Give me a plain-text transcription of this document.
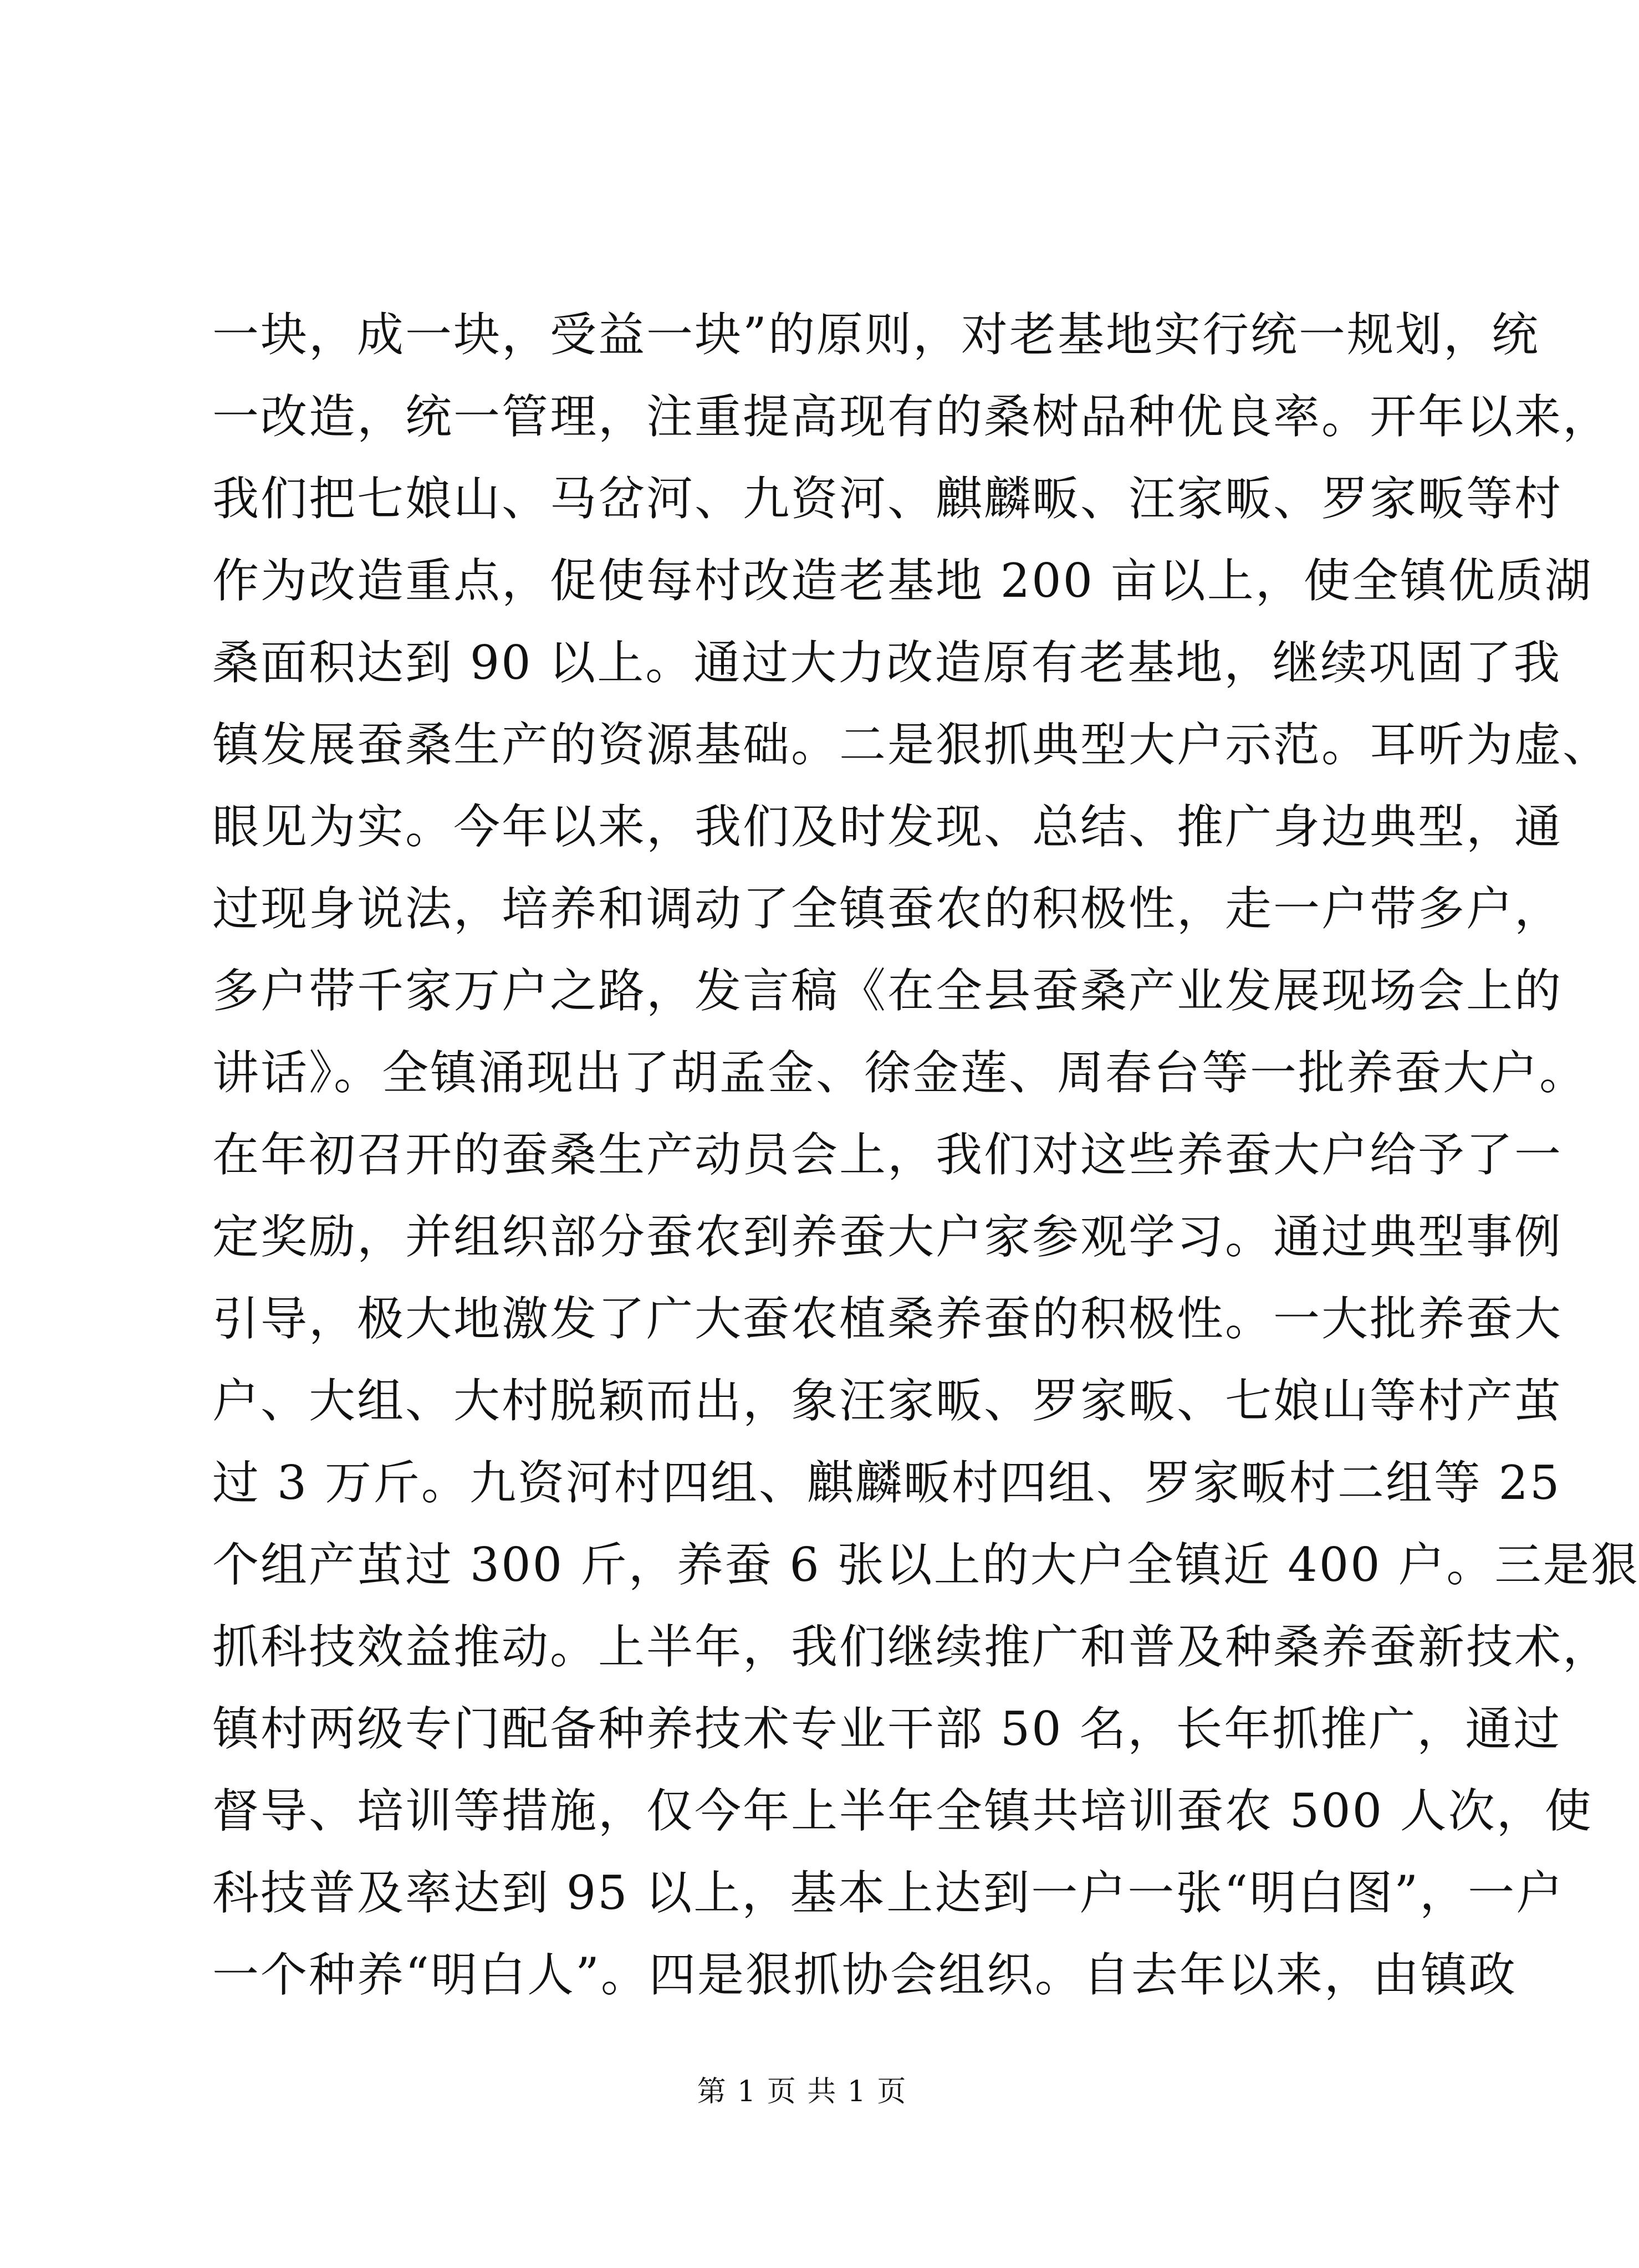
一块，成一块，受益一块”的原则，对老基地实行统一规划，统
一改造，统一管理，注重提高现有的桑树品种优良率。开年以来，
我们把七娘山、马岔河、九资河、麒麟畈、汪家畈、罗家畈等村
作为改造重点，促使每村改造老基地 200 亩以上，使全镇优质湖
桑面积达到 90 以上。通过大力改造原有老基地，继续巩固了我
镇发展蚕桑生产的资源基础。二是狠抓典型大户示范。耳听为虚、
眼见为实。今年以来，我们及时发现、总结、推广身边典型，通
过现身说法，培养和调动了全镇蚕农的积极性，走一户带多户，
多户带千家万户之路，发言稿《在全县蚕桑产业发展现场会上的
讲话》。全镇涌现出了胡孟金、徐金莲、周春台等一批养蚕大户。
在年初召开的蚕桑生产动员会上，我们对这些养蚕大户给予了一
定奖励，并组织部分蚕农到养蚕大户家参观学习。通过典型事例
引导，极大地激发了广大蚕农植桑养蚕的积极性。一大批养蚕大
户、大组、大村脱颖而出，象汪家畈、罗家畈、七娘山等村产茧
过 3 万斤。九资河村四组、麒麟畈村四组、罗家畈村二组等 25
个组产茧过 300 斤，养蚕 6 张以上的大户全镇近 400 户。三是狠
抓科技效益推动。上半年，我们继续推广和普及种桑养蚕新技术，
镇村两级专门配备种养技术专业干部 50 名，长年抓推广，通过
督导、培训等措施，仅今年上半年全镇共培训蚕农 500 人次，使
科技普及率达到 95 以上，基本上达到一户一张“明白图”，一户
一个种养“明白人”。四是狠抓协会组织。自去年以来，由镇政
第 1 页 共 1 页
